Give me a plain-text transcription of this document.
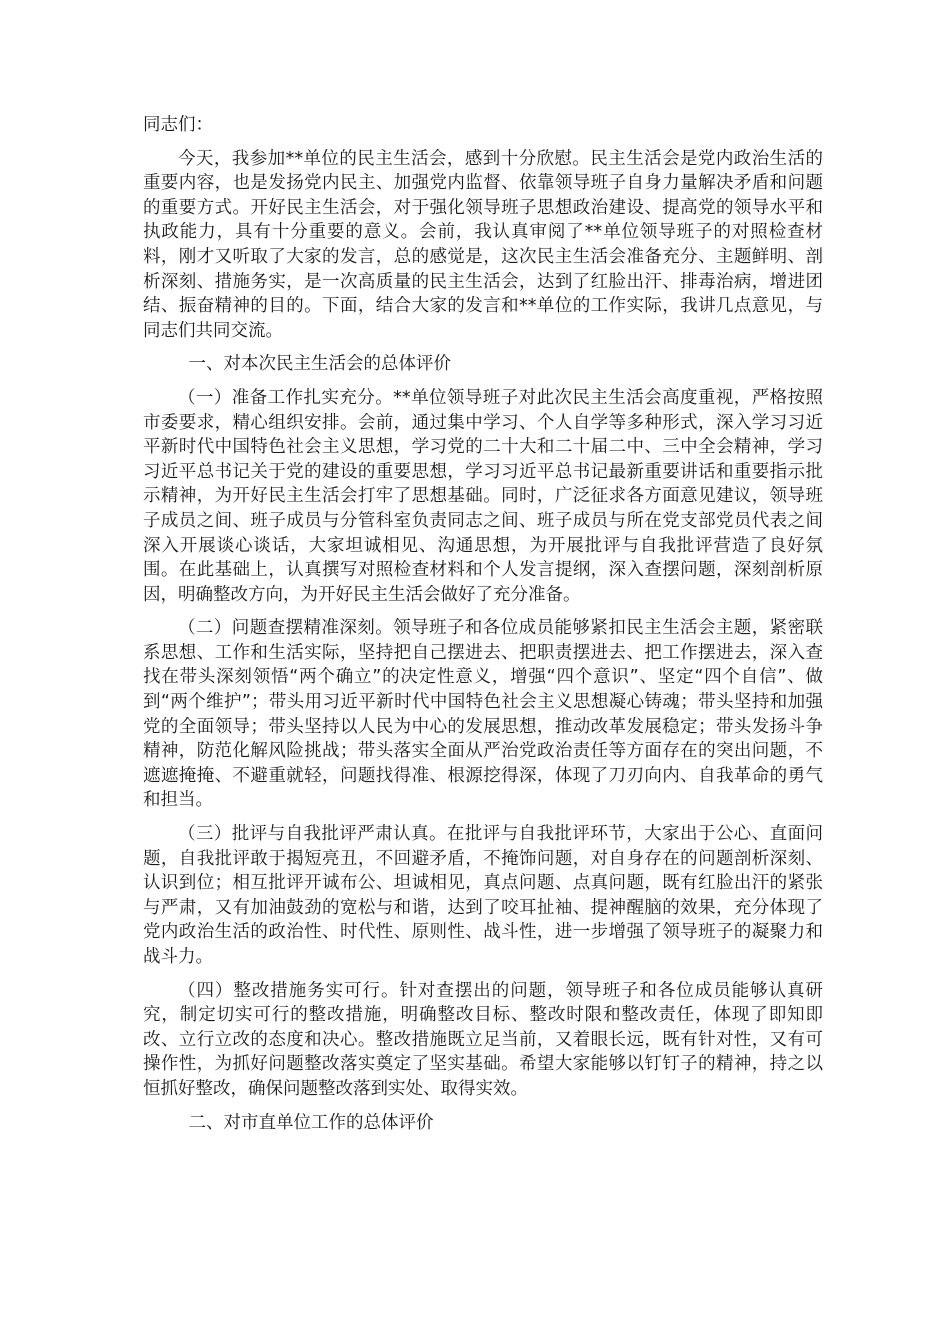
同志们：

今天，我参加**单位的民主生活会，感到十分欣慰。民主生活会是党内政治生活的重要内容，也是发扬党内民主、加强党内监督、依靠领导班子自身力量解决矛盾和问题的重要方式。开好民主生活会，对于强化领导班子思想政治建设、提高党的领导水平和执政能力，具有十分重要的意义。会前，我认真审阅了**单位领导班子的对照检查材料，刚才又听取了大家的发言，总的感觉是，这次民主生活会准备充分、主题鲜明、剖析深刻、措施务实，是一次高质量的民主生活会，达到了红脸出汗、排毒治病，增进团结、振奋精神的目的。下面，结合大家的发言和**单位的工作实际，我讲几点意见，与同志们共同交流。

一、对本次民主生活会的总体评价

（一）准备工作扎实充分。**单位领导班子对此次民主生活会高度重视，严格按照市委要求，精心组织安排。会前，通过集中学习、个人自学等多种形式，深入学习习近平新时代中国特色社会主义思想，学习党的二十大和二十届二中、三中全会精神，学习习近平总书记关于党的建设的重要思想，学习习近平总书记最新重要讲话和重要指示批示精神，为开好民主生活会打牢了思想基础。同时，广泛征求各方面意见建议，领导班子成员之间、班子成员与分管科室负责同志之间、班子成员与所在党支部党员代表之间深入开展谈心谈话，大家坦诚相见、沟通思想，为开展批评与自我批评营造了良好氛围。在此基础上，认真撰写对照检查材料和个人发言提纲，深入查摆问题，深刻剖析原因，明确整改方向，为开好民主生活会做好了充分准备。

（二）问题查摆精准深刻。领导班子和各位成员能够紧扣民主生活会主题，紧密联系思想、工作和生活实际，坚持把自己摆进去、把职责摆进去、把工作摆进去，深入查找在带头深刻领悟“两个确立”的决定性意义，增强“四个意识”、坚定“四个自信”、做到“两个维护”；带头用习近平新时代中国特色社会主义思想凝心铸魂；带头坚持和加强党的全面领导；带头坚持以人民为中心的发展思想，推动改革发展稳定；带头发扬斗争精神，防范化解风险挑战；带头落实全面从严治党政治责任等方面存在的突出问题，不遮遮掩掩、不避重就轻，问题找得准、根源挖得深，体现了刀刃向内、自我革命的勇气和担当。

（三）批评与自我批评严肃认真。在批评与自我批评环节，大家出于公心、直面问题，自我批评敢于揭短亮丑，不回避矛盾，不掩饰问题，对自身存在的问题剖析深刻、认识到位；相互批评开诚布公、坦诚相见，真点问题、点真问题，既有红脸出汗的紧张与严肃，又有加油鼓劲的宽松与和谐，达到了咬耳扯袖、提神醒脑的效果，充分体现了党内政治生活的政治性、时代性、原则性、战斗性，进一步增强了领导班子的凝聚力和战斗力。

（四）整改措施务实可行。针对查摆出的问题，领导班子和各位成员能够认真研究，制定切实可行的整改措施，明确整改目标、整改时限和整改责任，体现了即知即改、立行立改的态度和决心。整改措施既立足当前，又着眼长远，既有针对性，又有可操作性，为抓好问题整改落实奠定了坚实基础。希望大家能够以钉钉子的精神，持之以恒抓好整改，确保问题整改落到实处、取得实效。

二、对市直单位工作的总体评价
